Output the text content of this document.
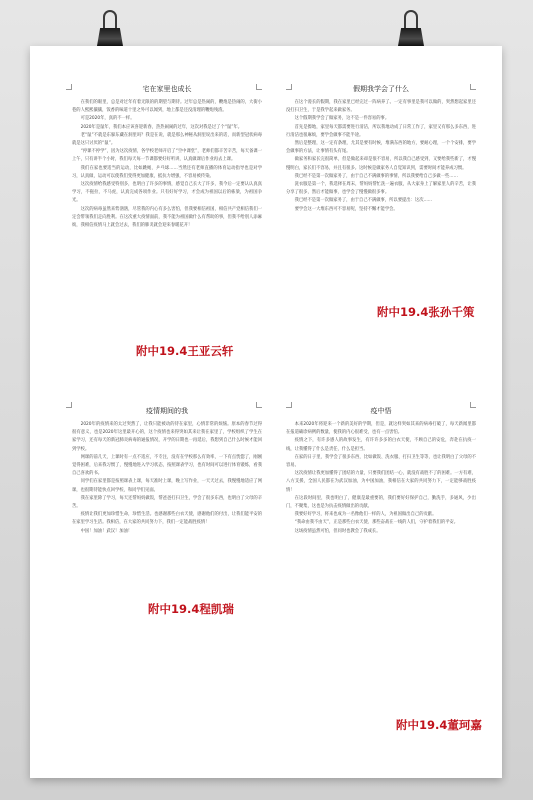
宅在家里也成长

在我们的眼里，总是对过年有着无限的的期望与期待。过年总是热闹的，鞭炮是热闹的，大街小巷的人熙熙攘攘，饭香的味道十里之外可以闻到，地上都是还没清理的鞭炮残渣。

可是2020年，真的不一样。

2020年是鼠年，我们本应该喜迎新春，热热闹闹的过年，这次对我是过了个“鼠”年。

老“鼠”不就是东躲东藏在洞里吗？我是在说，就是那么神秘从洞里说出来的话，而新型冠状病毒就是这只讨厌的“鼠”。

“停课不停学”，因为这次疫情，各学校老师开启了“空中课堂”，老师们都辛苦辛苦，每天备课一上午，只有讲半个小时，我们每天每一节课都要好好听讲，认真做课后作业再去上课。

我们在家也要适当的运动，比如跳绳、乒乓球……当然还有老师直播的体育运动指导也是对学习，认真做，运动可以使我们变得更加健康，抵抗力增强，不容易被传染。

这次疫情给我感受特别多，也明白了许多的事情，感觉自己长大了许多，我今后一定要认认真真学习，不拖拉，不马虎，认真完成各项作业。只有好好学习，才会成为祖国以后的栋梁，为祖国争光。

这次的病毒虽然来势汹汹，尽管我的内心有多么害怕，但我要相信祖国，相信共产党相信我们一定会带领我们走向胜利。在这次重大疫情面前，我不能为祖国做什么有帮助的事，但我不给别人添麻烦，我相信疫情马上就会过去，我们的肺炎就会迎来春暖花开！

附中19.4王亚云轩
假期我学会了什么

在这个漫长的假期，我在家里已经完过一阵病养了。一定有事里是我可以做的，突然想起家里还没打扫卫生，于是我学起来做家务。

这个假期我学会了做家务，这不是一件容易的事。

首先是擦地，家里每天都需要进行清洁，所以我地动成了日常工作了，家里又有那么多东西，进行清洁也很麻烦，要学会做事不能半途。

然后是整理，这一定有条理，尤其是要有时候，堆满东西的地方，要耐心理，一个个安排，要学会做事的方法，让事情有头有尾。

做家务和家长完很简单，但是做起来却是很不容易，所以我自己感受到，又要给我些新了，才慢慢明白，家长们不容易，并且有很多。这时候是做家务人自觉知识到，需要时间才能养成习惯。

我已经不是第一次做家务了，由于自己不满做事的事情，所以我要给自己多做一些……

洗衣服是第一个，我选择在周末，帮妈妈帮忙洗一遍衣服，从大家身上了解家里人的辛苦，让我分享了很多，然后才能做事，也学会了慢慢做很多事。

我已经不是第一次做家务了，由于自己不满做事，所以要提出：这次……

要学会这一大堆东西可不容易呢，坚持不懈才能学会。

附中19.4张孙千策
疫情期间的我

2020年的疫情来的太过突然了，让我只能被动的待在家里，心情非常的烦恼。原本的春节过得很有意义，也是2020年这里最开心的，这个疫情也来得突如其来让我在家里了，学校组织了学生在家学习，还有每天的新冠肺炎病毒的通报情况，开学的日期也一再延后，我想到自己什么时候才能回到学校。

网课的前几天，上课时有一点不适应，不专注，没有在学校那么有效率，一下有点恍惚了，刚刚觉得困难，后来我习惯了，慢慢地进入学习状态，按照课表学习，也有时间可以进行体育锻炼，看我自己喜欢的书。

同学们在家里都是按照课表上课，每天准时上课，晚上写作业，一天天过去，我慢慢地适应了网课，也很期待能快点回学校，和同学们见面。

我在家里除了学习，每天还帮妈妈做饭，帮爸爸打扫卫生，学会了很多东西，也明白了父母的辛苦。

疫情让我们更加珍惜生命，珍惜生活。也感谢那些白衣天使，感谢他们的付出，让我们能平安的在家里学习生活。我相信，在大家的共同努力下，我们一定能战胜疫情！

中国！加油！武汉！加油！

附中19.4程凯瑞
疫中悟

本来2020年将迎来一个新的美好的学期，但是，就这样突如其来的病毒打破了，每天新闻里都在报道确诊病例的数量，使我的内心很难受，也有一点害怕。

疫情之下，有许多感人的故事发生，有许许多多的白衣天使，不顾自己的安危，奔赴在抗疫一线，让我懂得了什么是责任，什么是担当。

在家的日子里，我学会了很多东西，比如做饭、洗衣服、打扫卫生等等，也让我明白了父母的不容易。

这次疫情让我更加懂得了团结的力量，只要我们团结一心，就没有战胜不了的困难。一方有难，八方支援，全国人民都在为武汉加油，为中国加油，我相信在大家的共同努力下，一定能够战胜疫情！

在这段时间里，我也明白了，健康是最重要的，我们要好好保护自己，勤洗手，多通风，少出门，不聚集，这也是为抗击疫情做出的贡献。

我要好好学习，将来也成为一名像他们一样的人，为祖国做出自己的贡献。

“我命由我不由天”，正是那些白衣天使、那些奋战在一线的人们，守护着我们的平安。

这场疫情虽然可怕，但同时也教会了我成长。

附中19.4董珂嘉
